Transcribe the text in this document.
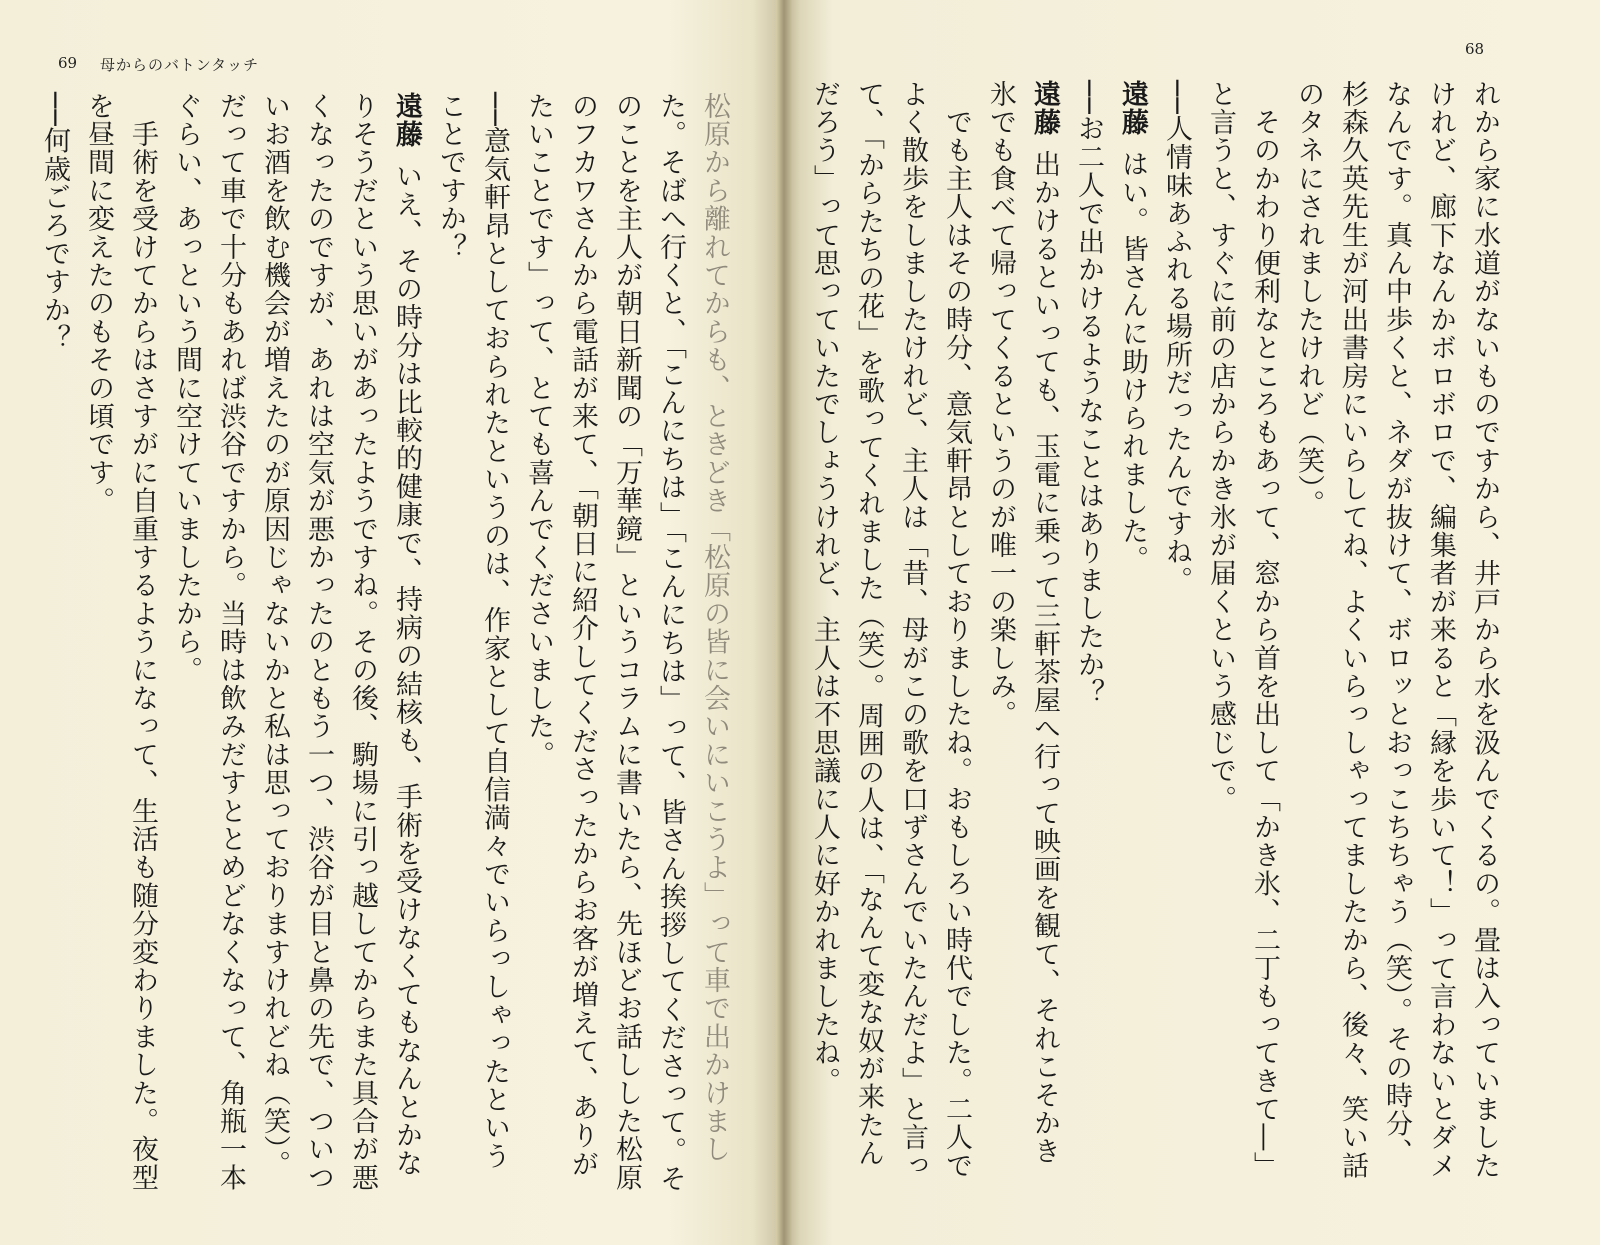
69 母からのバトンタッチ
松原から離れてからも、ときどき「松原の皆に会いにいこうよ」って車で出かけまし
た。そばへ行くと、「こんにちは」「こんにちは」って、皆さん挨拶してくださって。そ
のことを主人が朝日新聞の「万華鏡」というコラムに書いたら、先ほどお話しした松原
のフカワさんから電話が来て、「朝日に紹介してくださったからお客が増えて、ありが
たいことです」って、とても喜んでくださいました。
──意気軒昂としておられたというのは、作家として自信満々でいらっしゃったという
ことですか？
遠藤いえ、その時分は比較的健康で、持病の結核も、手術を受けなくてもなんとかな
りそうだという思いがあったようですね。その後、駒場に引っ越してからまた具合が悪
くなったのですが、あれは空気が悪かったのともう一つ、渋谷が目と鼻の先で、ついつ
いお酒を飲む機会が増えたのが原因じゃないかと私は思っておりますけれどね（笑）。
だって車で十分もあれば渋谷ですから。当時は飲みだすととめどなくなって、角瓶一本
ぐらい、あっという間に空けていましたから。
　手術を受けてからはさすがに自重するようになって、生活も随分変わりました。夜型
を昼間に変えたのもその頃です。
──何歳ごろですか？
68
れから家に水道がないものですから、井戸から水を汲んでくるの。畳は入っていました
けれど、廊下なんかボロボロで、編集者が来ると「縁を歩いて！」って言わないとダメ
なんです。真ん中歩くと、ネダが抜けて、ボロッとおっこちちゃう（笑）。その時分、
杉森久英先生が河出書房にいらしてね、よくいらっしゃってましたから、後々、笑い話
のタネにされましたけれど（笑）。
　そのかわり便利なところもあって、窓から首を出して「かき氷、二丁もってきて―」
と言うと、すぐに前の店からかき氷が届くという感じで。
──人情味あふれる場所だったんですね。
遠藤はい。皆さんに助けられました。
──お二人で出かけるようなことはありましたか？
遠藤出かけるといっても、玉電に乗って三軒茶屋へ行って映画を観て、それこそかき
氷でも食べて帰ってくるというのが唯一の楽しみ。
　でも主人はその時分、意気軒昂としておりましたね。おもしろい時代でした。二人で
よく散歩をしましたけれど、主人は「昔、母がこの歌を口ずさんでいたんだよ」と言っ
て、「からたちの花」を歌ってくれました（笑）。周囲の人は、「なんて変な奴が来たん
だろう」って思っていたでしょうけれど、主人は不思議に人に好かれましたね。
